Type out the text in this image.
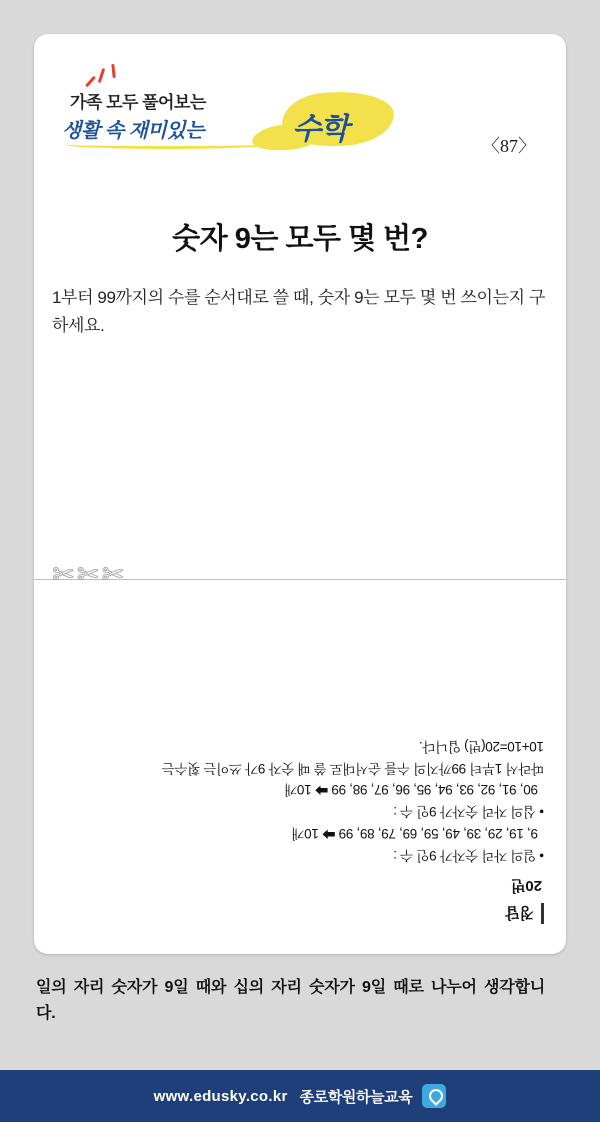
가족 모두 풀어보는
생활 속 재미있는	수학	〈87〉
숫자 9는 모두 몇 번?
1부터 99까지의 수를 순서대로 쓸 때, 숫자 9는 모두 몇 번 쓰이는지 구하세요.
✄✄✄
정답
20번
• 일의 자리 숫자가 9인 수 :
9, 19, 29, 39, 49, 59, 69, 79, 89, 99 ➡ 10개
• 십의 자리 숫자가 9인 수 :
90, 91, 92, 93, 94, 95, 96, 97, 98, 99 ➡ 10개
따라서 1부터 99까지의 수를 순서대로 쓸 때 숫자 9가 쓰이는 횟수는
10+10=20(번) 입니다.
일의 자리 숫자가 9일 때와 십의 자리 숫자가 9일 때로 나누어 생각합니다.
www.edusky.co.kr 종로학원하늘교육
